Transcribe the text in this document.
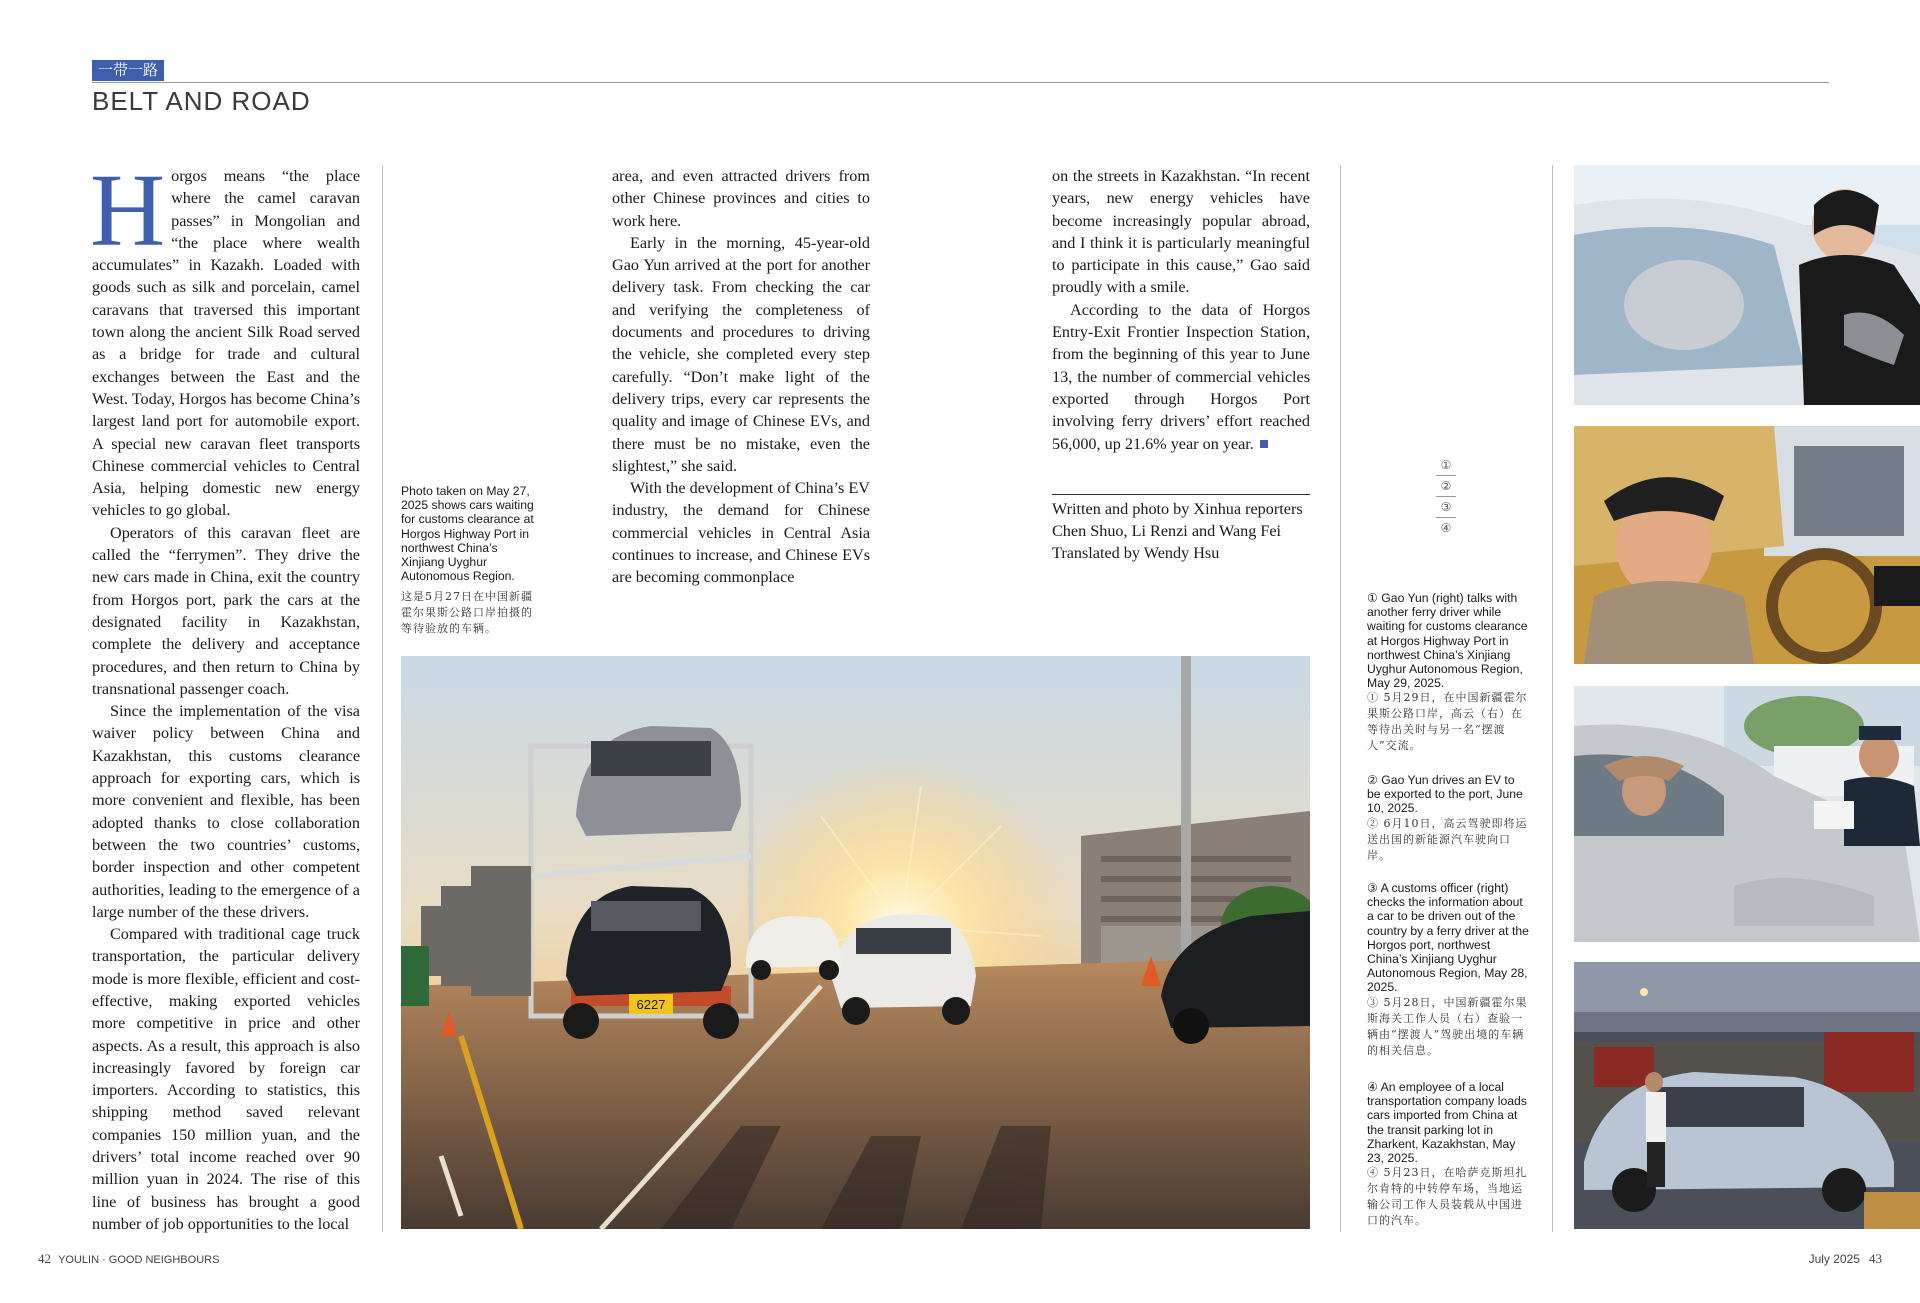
一带一路
BELT AND ROAD

Horgos means “the place where the camel caravan passes” in Mongolian and “the place where wealth accumulates” in Kazakh. Loaded with goods such as silk and porcelain, camel caravans that traversed this important town along the ancient Silk Road served as a bridge for trade and cultural exchanges between the East and the West. Today, Horgos has become China’s largest land port for automobile export. A special new caravan fleet transports Chinese commercial vehicles to Central Asia, helping domestic new energy vehicles to go global.

Operators of this caravan fleet are called the “ferrymen”. They drive the new cars made in China, exit the country from Horgos port, park the cars at the designated facility in Kazakhstan, complete the delivery and acceptance procedures, and then return to China by transnational passenger coach.

Since the implementation of the visa waiver policy between China and Kazakhstan, this customs clearance approach for exporting cars, which is more convenient and flexible, has been adopted thanks to close collaboration between the two countries’ customs, border inspection and other competent authorities, leading to the emergence of a large number of the these drivers.

Compared with traditional cage truck transportation, the particular delivery mode is more flexible, efficient and cost-effective, making exported vehicles more competitive in price and other aspects. As a result, this approach is also increasingly favored by foreign car importers. According to statistics, this shipping method saved relevant companies 150 million yuan, and the drivers’ total income reached over 90 million yuan in 2024. The rise of this line of business has brought a good number of job opportunities to the local

Photo taken on May 27, 2025 shows cars waiting for customs clearance at Horgos Highway Port in northwest China’s Xinjiang Uyghur Autonomous Region.
这是5月27日在中国新疆霍尔果斯公路口岸拍摄的等待验放的车辆。

area, and even attracted drivers from other Chinese provinces and cities to work here.

Early in the morning, 45-year-old Gao Yun arrived at the port for another delivery task. From checking the car and verifying the completeness of documents and procedures to driving the vehicle, she completed every step carefully. “Don’t make light of the delivery trips, every car represents the quality and image of Chinese EVs, and there must be no mistake, even the slightest,” she said.

With the development of China’s EV industry, the demand for Chinese commercial vehicles in Central Asia continues to increase, and Chinese EVs are becoming commonplace

on the streets in Kazakhstan. “In recent years, new energy vehicles have become increasingly popular abroad, and I think it is particularly meaningful to participate in this cause,” Gao said proudly with a smile.

According to the data of Horgos Entry-Exit Frontier Inspection Station, from the beginning of this year to June 13, the number of commercial vehicles exported through Horgos Port involving ferry drivers’ effort reached 56,000, up 21.6% year on year.

Written and photo by Xinhua reporters
Chen Shuo, Li Renzi and Wang Fei
Translated by Wendy Hsu
6227
①
②
③
④
① Gao Yun (right) talks with another ferry driver while waiting for customs clearance at Horgos Highway Port in northwest China’s Xinjiang Uyghur Autonomous Region, May 29, 2025.
① 5月29日，在中国新疆霍尔果斯公路口岸，高云（右）在等待出关时与另一名“摆渡人”交流。
② Gao Yun drives an EV to be exported to the port, June 10, 2025.
② 6月10日，高云驾驶即将运送出国的新能源汽车驶向口岸。
③ A customs officer (right) checks the information about a car to be driven out of the country by a ferry driver at the Horgos port, northwest China’s Xinjiang Uyghur Autonomous Region, May 28, 2025.
③ 5月28日，中国新疆霍尔果斯海关工作人员（右）查验一辆由“摆渡人”驾驶出境的车辆的相关信息。
④ An employee of a local transportation company loads cars imported from China at the transit parking lot in Zharkent, Kazakhstan, May 23, 2025.
④ 5月23日，在哈萨克斯坦扎尔肯特的中转停车场，当地运输公司工作人员装载从中国进口的汽车。
42 YOULIN · GOOD NEIGHBOURS	July 2025 43
